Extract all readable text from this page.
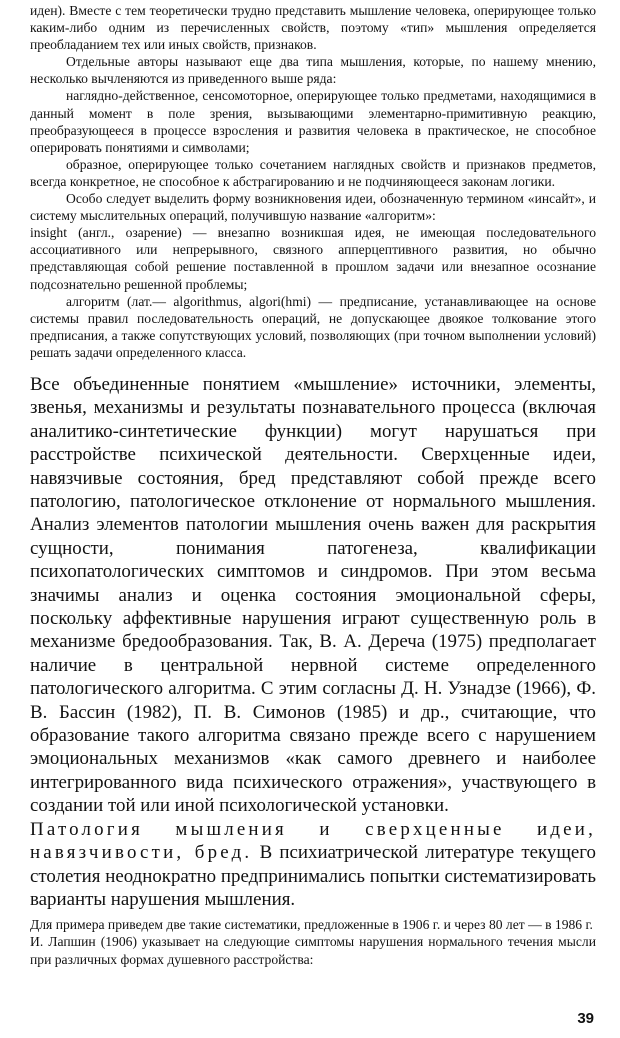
иден). Вместе с тем теоретически трудно представить мышление человека, оперирующее только каким-либо одним из перечисленных свойств, поэтому «тип» мышления определяется преобладанием тех или иных свойств, признаков.

Отдельные авторы называют еще два типа мышления, которые, по нашему мнению, несколько вычленяются из приведенного выше ряда:

наглядно-действенное, сенсомоторное, оперирующее только предметами, находящимися в данный момент в поле зрения, вызывающими элементарно-примитивную реакцию, преобразующееся в процессе взросления и развития человека в практическое, не способное оперировать понятиями и символами;

образное, оперирующее только сочетанием наглядных свойств и признаков предметов, всегда конкретное, не способное к абстрагированию и не подчиняющееся законам логики.

Особо следует выделить форму возникновения идеи, обозначенную термином «инсайт», и систему мыслительных операций, получившую название «алгоритм»:

insight (англ., озарение) — внезапно возникшая идея, не имеющая последовательного ассоциативного или непрерывного, связного апперцептивного развития, но обычно представляющая собой решение поставленной в прошлом задачи или внезапное осознание подсознательно решенной проблемы;

алгоритм (лат.— algorithmus, algori(hmi) — предписание, устанавливающее на основе системы правил последовательность операций, не допускающее двоякое толкование этого предписания, а также сопутствующих условий, позволяющих (при точном выполнении условий) решать задачи определенного класса.

Все объединенные понятием «мышление» источники, элементы, звенья, механизмы и результаты познавательного процесса (включая аналитико-синтетические функции) могут нарушаться при расстройстве психической деятельности. Сверхценные идеи, навязчивые состояния, бред представляют собой прежде всего патологию, патологическое отклонение от нормального мышления. Анализ элементов патологии мышления очень важен для раскрытия сущности, понимания патогенеза, квалификации психопатологических симптомов и синдромов. При этом весьма значимы анализ и оценка состояния эмоциональной сферы, поскольку аффективные нарушения играют существенную роль в механизме бредообразования. Так, В. А. Дереча (1975) предполагает наличие в центральной нервной системе определенного патологического алгоритма. С этим согласны Д. Н. Узнадзе (1966), Ф. В. Бассин (1982), П. В. Симонов (1985) и др., считающие, что образование такого алгоритма связано прежде всего с нарушением эмоциональных механизмов «как самого древнего и наиболее интегрированного вида психического отражения», участвующего в создании той или иной психологической установки.

Патология мышления и сверхценные идеи, навязчивости, бред. В психиатрической литературе текущего столетия неоднократно предпринимались попытки систематизировать варианты нарушения мышления.

Для примера приведем две такие систематики, предложенные в 1906 г. и через 80 лет — в 1986 г.

И. Лапшин (1906) указывает на следующие симптомы нарушения нормального течения мысли при различных формах душевного расстройства:

39
